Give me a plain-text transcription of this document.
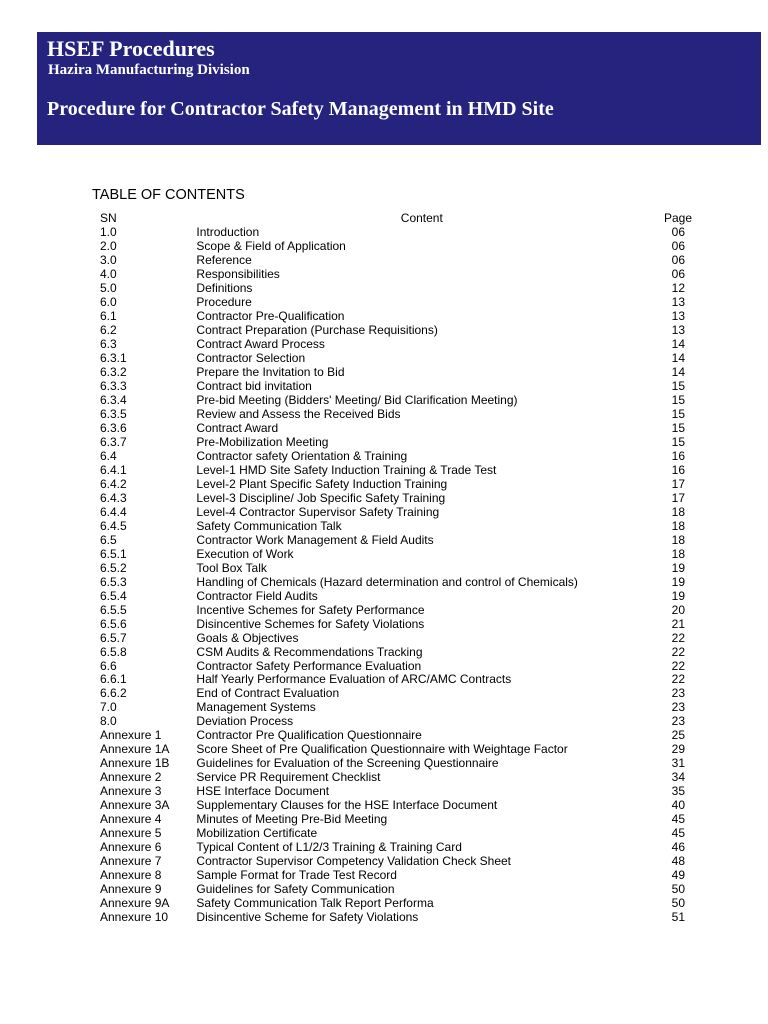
HSEF Procedures
Hazira Manufacturing Division
Procedure for Contractor Safety Management in HMD Site
TABLE OF CONTENTS
SN	Content	Page
1.0	Introduction	06
2.0	Scope & Field of Application	06
3.0	Reference	06
4.0	Responsibilities	06
5.0	Definitions	12
6.0	Procedure	13
6.1	Contractor Pre-Qualification	13
6.2	Contract Preparation (Purchase Requisitions)	13
6.3	Contract Award Process	14
6.3.1	Contractor Selection	14
6.3.2	Prepare the Invitation to Bid	14
6.3.3	Contract bid invitation	15
6.3.4	Pre-bid Meeting (Bidders' Meeting/ Bid Clarification Meeting)	15
6.3.5	Review and Assess the Received Bids	15
6.3.6	Contract Award	15
6.3.7	Pre-Mobilization Meeting	15
6.4	Contractor safety Orientation & Training	16
6.4.1	Level-1 HMD Site Safety Induction Training & Trade Test	16
6.4.2	Level-2 Plant Specific Safety Induction Training	17
6.4.3	Level-3 Discipline/ Job Specific Safety Training	17
6.4.4	Level-4 Contractor Supervisor Safety Training	18
6.4.5	Safety Communication Talk	18
6.5	Contractor Work Management & Field Audits	18
6.5.1	Execution of Work	18
6.5.2	Tool Box Talk	19
6.5.3	Handling of Chemicals (Hazard determination and control of Chemicals)	19
6.5.4	Contractor Field Audits	19
6.5.5	Incentive Schemes for Safety Performance	20
6.5.6	Disincentive Schemes for Safety Violations	21
6.5.7	Goals & Objectives	22
6.5.8	CSM Audits & Recommendations Tracking	22
6.6	Contractor Safety Performance Evaluation	22
6.6.1	Half Yearly Performance Evaluation of ARC/AMC Contracts	22
6.6.2	End of Contract Evaluation	23
7.0	Management Systems	23
8.0	Deviation Process	23
Annexure 1	Contractor Pre Qualification Questionnaire	25
Annexure 1A	Score Sheet of Pre Qualification Questionnaire with Weightage Factor	29
Annexure 1B	Guidelines for Evaluation of the Screening Questionnaire	31
Annexure 2	Service PR Requirement Checklist	34
Annexure 3	HSE Interface Document	35
Annexure 3A	Supplementary Clauses for the HSE Interface Document	40
Annexure 4	Minutes of Meeting Pre-Bid Meeting	45
Annexure 5	Mobilization Certificate	45
Annexure 6	Typical Content of L1/2/3 Training & Training Card	46
Annexure 7	Contractor Supervisor Competency Validation Check Sheet	48
Annexure 8	Sample Format for Trade Test Record	49
Annexure 9	Guidelines for Safety Communication	50
Annexure 9A	Safety Communication Talk Report Performa	50
Annexure 10	Disincentive Scheme for Safety Violations	51
